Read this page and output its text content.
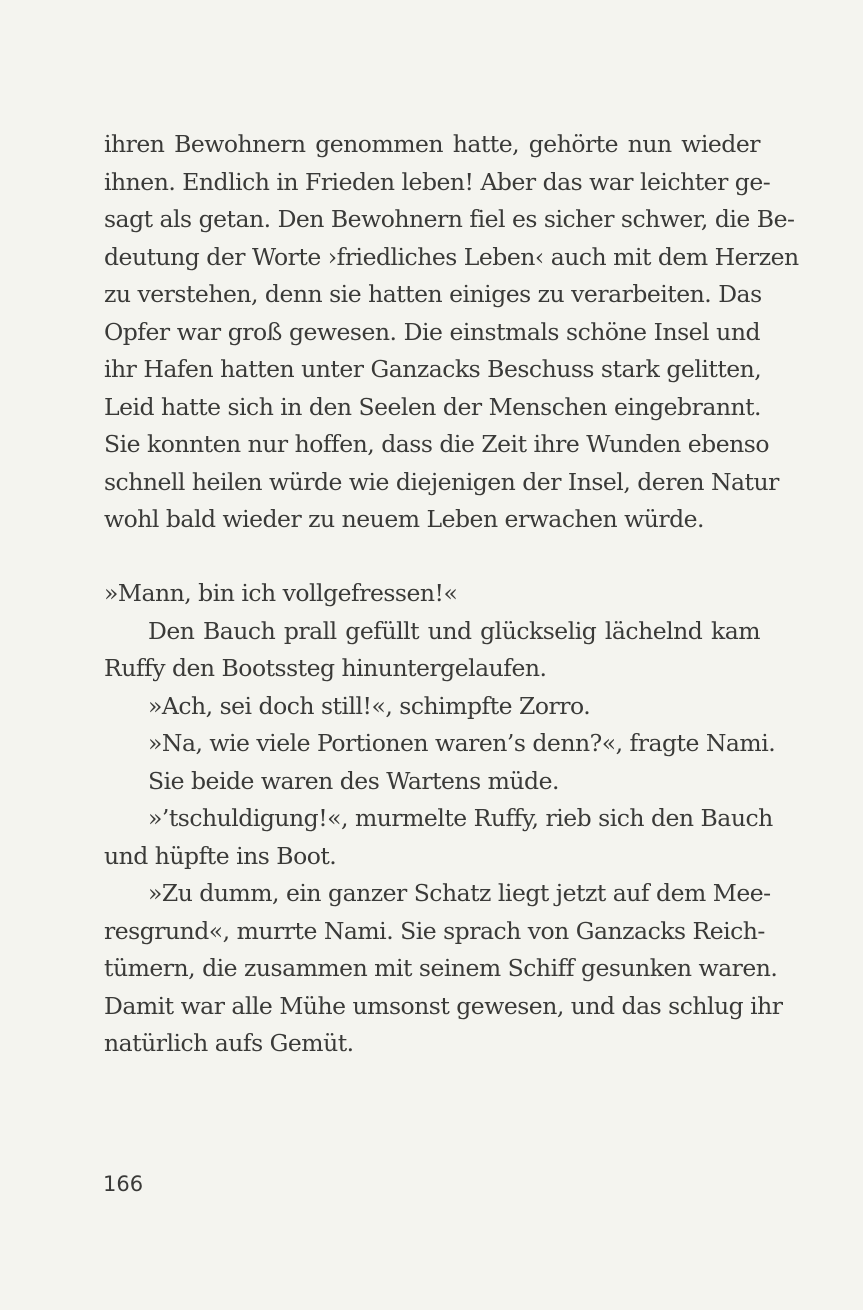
ihren Bewohnern genommen hatte, gehörte nun wieder
ihnen. Endlich in Frieden leben! Aber das war leichter ge-
sagt als getan. Den Bewohnern fiel es sicher schwer, die Be-
deutung der Worte ›friedliches Leben‹ auch mit dem Herzen
zu verstehen, denn sie hatten einiges zu verarbeiten. Das
Opfer war groß gewesen. Die einstmals schöne Insel und
ihr Hafen hatten unter Ganzacks Beschuss stark gelitten,
Leid hatte sich in den Seelen der Menschen eingebrannt.
Sie konnten nur hoffen, dass die Zeit ihre Wunden ebenso
schnell heilen würde wie diejenigen der Insel, deren Natur
wohl bald wieder zu neuem Leben erwachen würde.
»Mann, bin ich vollgefressen!«
Den Bauch prall gefüllt und glückselig lächelnd kam
Ruffy den Bootssteg hinuntergelaufen.
»Ach, sei doch still!«, schimpfte Zorro.
»Na, wie viele Portionen waren’s denn?«, fragte Nami.
Sie beide waren des Wartens müde.
»’tschuldigung!«, murmelte Ruffy, rieb sich den Bauch
und hüpfte ins Boot.
»Zu dumm, ein ganzer Schatz liegt jetzt auf dem Mee-
resgrund«, murrte Nami. Sie sprach von Ganzacks Reich-
tümern, die zusammen mit seinem Schiff gesunken waren.
Damit war alle Mühe umsonst gewesen, und das schlug ihr
natürlich aufs Gemüt.
166
